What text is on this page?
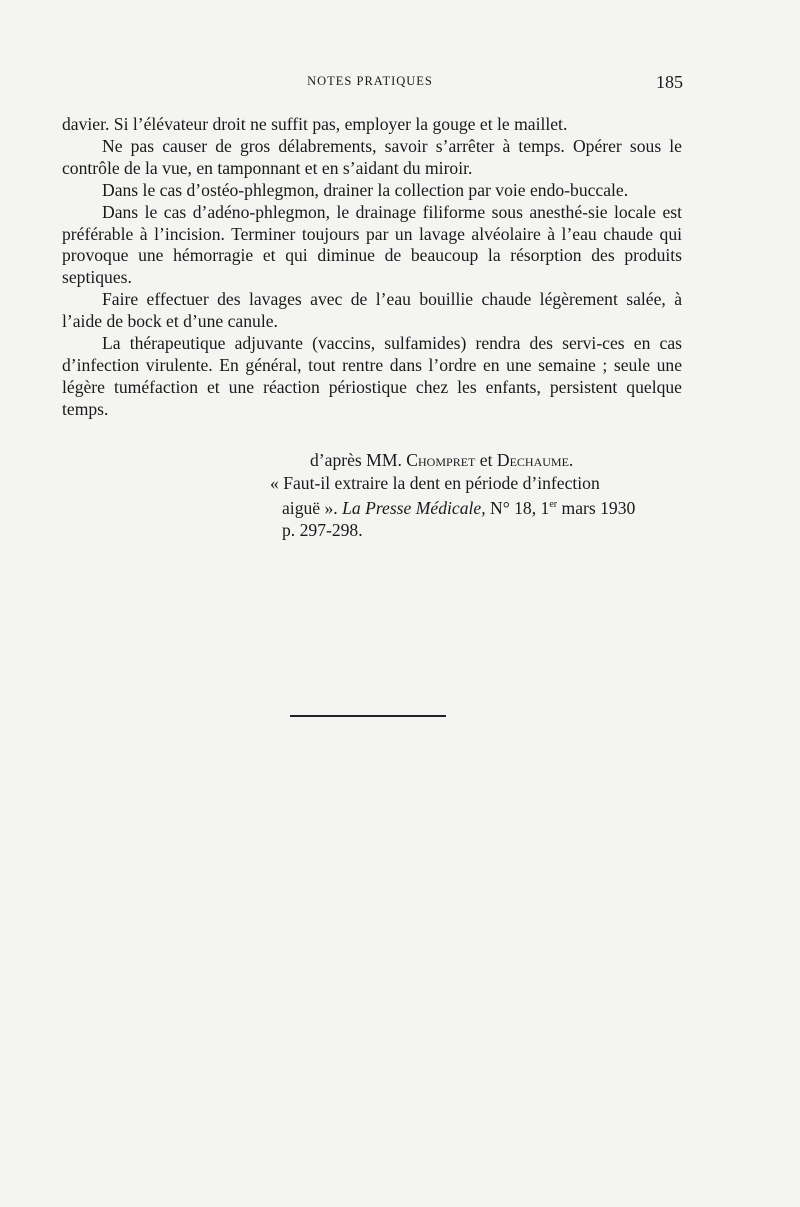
NOTES PRATIQUES	185

davier. Si l’élévateur droit ne suffit pas, employer la gouge et le maillet.

Ne pas causer de gros délabrements, savoir s’arrêter à temps. Opérer sous le contrôle de la vue, en tamponnant et en s’aidant du miroir.

Dans le cas d’ostéo-phlegmon, drainer la collection par voie endo-buccale.

Dans le cas d’adéno-phlegmon, le drainage filiforme sous anesthé-sie locale est préférable à l’incision. Terminer toujours par un lavage alvéolaire à l’eau chaude qui provoque une hémorragie et qui diminue de beaucoup la résorption des produits septiques.

Faire effectuer des lavages avec de l’eau bouillie chaude légèrement salée, à l’aide de bock et d’une canule.

La thérapeutique adjuvante (vaccins, sulfamides) rendra des servi-ces en cas d’infection virulente. En général, tout rentre dans l’ordre en une semaine ; seule une légère tuméfaction et une réaction périostique chez les enfants, persistent quelque temps.

d’après MM. Chompret et Dechaume.
« Faut-il extraire la dent en période d’infection
aiguë ». La Presse Médicale, N° 18, 1er mars 1930
p. 297-298.
